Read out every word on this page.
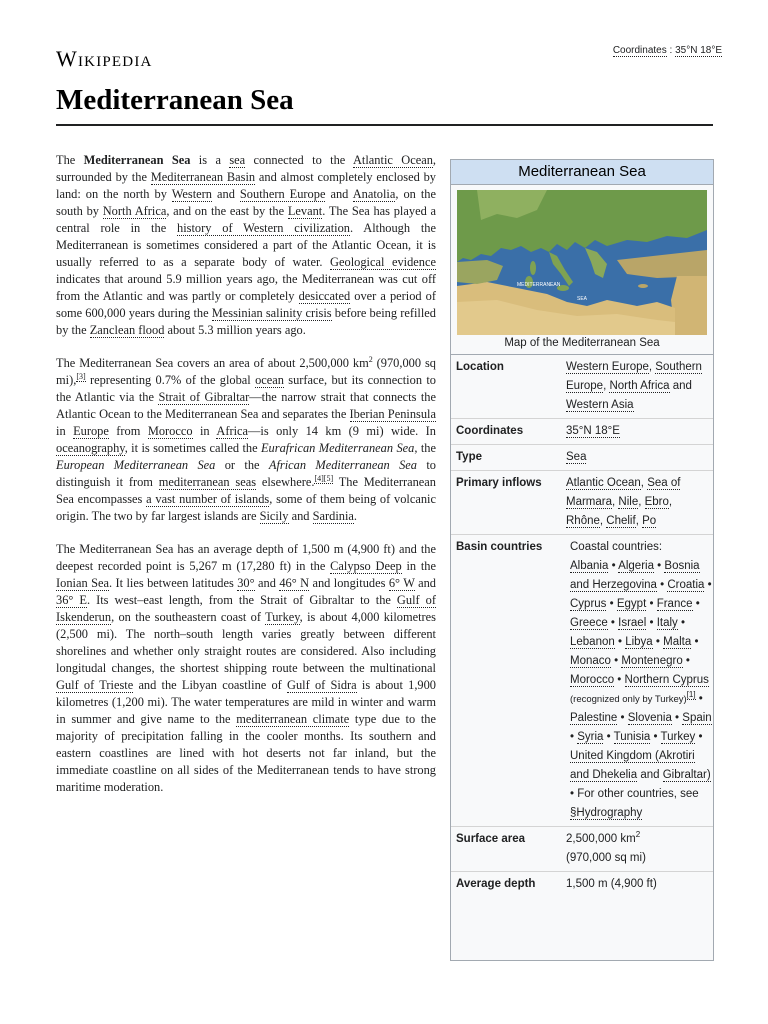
Wikipedia	Coordinates : 35°N 18°E
Mediterranean Sea

The Mediterranean Sea is a sea connected to the Atlantic Ocean, surrounded by the Mediterranean Basin and almost completely enclosed by land: on the north by Western and Southern Europe and Anatolia, on the south by North Africa, and on the east by the Levant. The Sea has played a central role in the history of Western civilization. Although the Mediterranean is sometimes considered a part of the Atlantic Ocean, it is usually referred to as a separate body of water. Geological evidence indicates that around 5.9 million years ago, the Mediterranean was cut off from the Atlantic and was partly or completely desiccated over a period of some 600,000 years during the Messinian salinity crisis before being refilled by the Zanclean flood about 5.3 million years ago.

The Mediterranean Sea covers an area of about 2,500,000 $km^2$ (970,000 sq mi),[3] representing 0.7% of the global ocean surface, but its connection to the Atlantic via the Strait of Gibraltar—the narrow strait that connects the Atlantic Ocean to the Mediterranean Sea and separates the Iberian Peninsula in Europe from Morocco in Africa—is only 14 km (9 mi) wide. In oceanography, it is sometimes called the Eurafrican Mediterranean Sea, the European Mediterranean Sea or the African Mediterranean Sea to distinguish it from mediterranean seas elsewhere.[4][5] The Mediterranean Sea encompasses a vast number of islands, some of them being of volcanic origin. The two by far largest islands are Sicily and Sardinia.

The Mediterranean Sea has an average depth of 1,500 m (4,900 ft) and the deepest recorded point is 5,267 m (17,280 ft) in the Calypso Deep in the Ionian Sea. It lies between latitudes 30° and 46° N and longitudes 6° W and 36° E. Its west–east length, from the Strait of Gibraltar to the Gulf of Iskenderun, on the southeastern coast of Turkey, is about 4,000 kilometres (2,500 mi). The north–south length varies greatly between different shorelines and whether only straight routes are considered. Also including longitudal changes, the shortest shipping route between the multinational Gulf of Trieste and the Libyan coastline of Gulf of Sidra is about 1,900 kilometres (1,200 mi). The water temperatures are mild in winter and warm in summer and give name to the mediterranean climate type due to the majority of precipitation falling in the cooler months. Its southern and eastern coastlines are lined with hot deserts not far inland, but the immediate coastline on all sides of the Mediterranean tends to have strong maritime moderation.

Mediterranean Sea
MEDITERRANEAN
SEA
Map of the Mediterranean Sea
Location	Western Europe, Southern Europe, North Africa and Western Asia
Coordinates	35°N 18°E
Type	Sea
Primary inflows	Atlantic Ocean, Sea of Marmara, Nile, Ebro, Rhône, Chelif, Po
Basin countries	Coastal countries:
Albania • Algeria • Bosnia and Herzegovina • Croatia • Cyprus • Egypt • France • Greece • Israel • Italy • Lebanon • Libya • Malta • Monaco • Montenegro • Morocco • Northern Cyprus (recognized only by Turkey)[1] • Palestine • Slovenia • Spain • Syria • Tunisia • Turkey • United Kingdom (Akrotiri and Dhekelia and Gibraltar) • For other countries, see §Hydrography
Surface area	2,500,000 $km^2$
(970,000 sq mi)
Average depth	1,500 m (4,900 ft)
